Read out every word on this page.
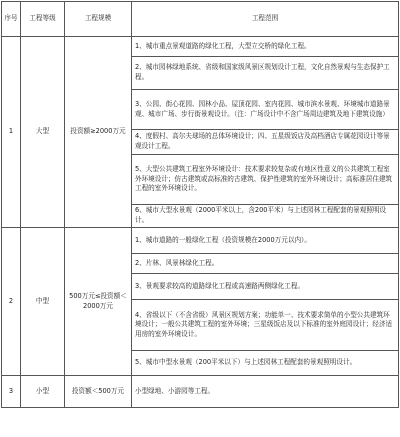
序号	工程等级	工程规模	工程范围
1	大型	投资额≥2000万元	1、城市重点景观道路的绿化工程，大型立交桥的绿化工程。
			2、城市园林绿地系统、省级和国家级风景区规划设计工程，文化自然景观与生态保护工程。
			3、公园、街心花园、园林小品、屋顶花园、室内花园、城市滨水景观、环境城市道路景观、城市广场、步行街景观设计。（注：广场设计中不含广场周边建筑及地下建筑设施）
			4、度假村、高尔夫球场的总体环境设计；四、五星级饭店及高档酒店专属花园设计等景观设计工程。
			5、大型公共建筑工程室外环境设计：技术要求较复杂或有地区性意义的公共建筑工程室外环境设计；仿古建筑或高标准的古建筑、保护性建筑的室外环境设计；高标准居住建筑工程的室外环境设计。
			6、城市大型水景观（2000平米以上，含200平米）与上述园林工程配套的景观照明设计。
2	中型	500万元≤投资额＜2000万元	1、城市道路的一般绿化工程（投资规模在2000万元以内）。
			2、片林、风景林绿化工程。
			3、景观要求较高的道路绿化工程或高速路两侧绿化工程。
			4、省级以下（不含省级）风景区规划方案；功能单一、技术要求简单的小型公共建筑环境设计；一般公共建筑工程的室外环境；三星级饭店及以下标准的室外庭园设计；经济适用房的室外环境设计。
			5、城市中型水景观（200平米以下）与上述园林工程配套的景观照明设计。
3	小型	投资额＜500万元	小型绿地、小游园等工程。
